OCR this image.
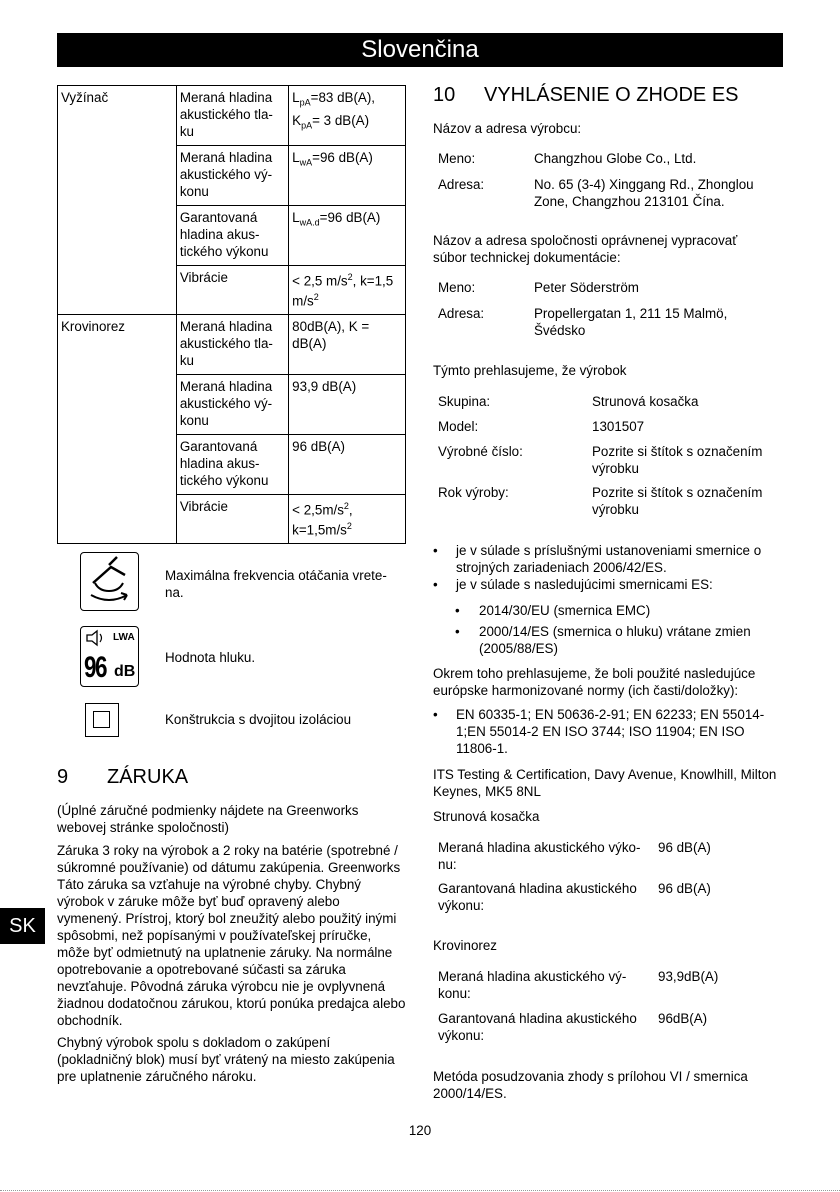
Slovenčina
SK
Vyžínač	Meraná hladina akustického tla-ku	$L_{pA}=83$ dB(A), $K_{pA}= 3$ dB(A)
	Meraná hladina akustického vý-konu	$L_{wA}=96$ dB(A)
	Garantovaná hladina akus-tického výkonu	$L_{wA.d}=96$ dB(A)
	Vibrácie	< 2,5 $m/s^2$, k=1,5 $m/s^2$
Krovinorez	Meraná hladina akustického tla-ku	80dB(A), K = dB(A)
	Meraná hladina akustického vý-konu	93,9 dB(A)
	Garantovaná hladina akus-tického výkonu	96 dB(A)
	Vibrácie	< $2,5m/s^2$, $k=1,5m/s^2$
Maximálna frekvencia otáčania vrete-na.
LWA
96 dB
Hodnota hluku.
Konštrukcia s dvojitou izoláciou
9 ZÁRUKA
(Úplné záručné podmienky nájdete na Greenworks webovej stránke spoločnosti)
Záruka 3 roky na výrobok a 2 roky na batérie (spotrebné / súkromné používanie) od dátumu zakúpenia. Greenworks Táto záruka sa vzťahuje na výrobné chyby. Chybný výrobok v záruke môže byť buď opravený alebo vymenený. Prístroj, ktorý bol zneužitý alebo použitý inými spôsobmi, než popísanými v používateľskej príručke, môže byť odmietnutý na uplatnenie záruky. Na normálne opotrebovanie a opotrebované súčasti sa záruka nevzťahuje. Pôvodná záruka výrobcu nie je ovplyvnená žiadnou dodatočnou zárukou, ktorú ponúka predajca alebo obchodník.
Chybný výrobok spolu s dokladom o zakúpení (pokladničný blok) musí byť vrátený na miesto zakúpenia pre uplatnenie záručného nároku.
10 VYHLÁSENIE O ZHODE ES
Názov a adresa výrobcu:
Meno:	Changzhou Globe Co., Ltd.
Adresa:	No. 65 (3-4) Xinggang Rd., Zhonglou Zone, Changzhou 213101 Čína.
Názov a adresa spoločnosti oprávnenej vypracovať súbor technickej dokumentácie:
Meno:	Peter Söderström
Adresa:	Propellergatan 1, 211 15 Malmö, Švédsko
Týmto prehlasujeme, že výrobok
Skupina:	Strunová kosačka
Model:	1301507
Výrobné číslo:	Pozrite si štítok s označením výrobku
Rok výroby:	Pozrite si štítok s označením výrobku
• je v súlade s príslušnými ustanoveniami smernice o strojných zariadeniach 2006/42/ES.
• je v súlade s nasledujúcimi smernicami ES:
• 2014/30/EU (smernica EMC)
• 2000/14/ES (smernica o hluku) vrátane zmien (2005/88/ES)
Okrem toho prehlasujeme, že boli použité nasledujúce európske harmonizované normy (ich časti/doložky):
• EN 60335-1; EN 50636-2-91; EN 62233; EN 55014-1;EN 55014-2 EN ISO 3744; ISO 11904; EN ISO 11806-1.
ITS Testing & Certification, Davy Avenue, Knowlhill, Milton Keynes, MK5 8NL
Strunová kosačka
Meraná hladina akustického výko-nu:
96 dB(A)
Garantovaná hladina akustického výkonu:
96 dB(A)
Krovinorez
Meraná hladina akustického vý-konu:
93,9dB(A)
Garantovaná hladina akustického výkonu:
96dB(A)
Metóda posudzovania zhody s prílohou VI / smernica 2000/14/ES.
120
